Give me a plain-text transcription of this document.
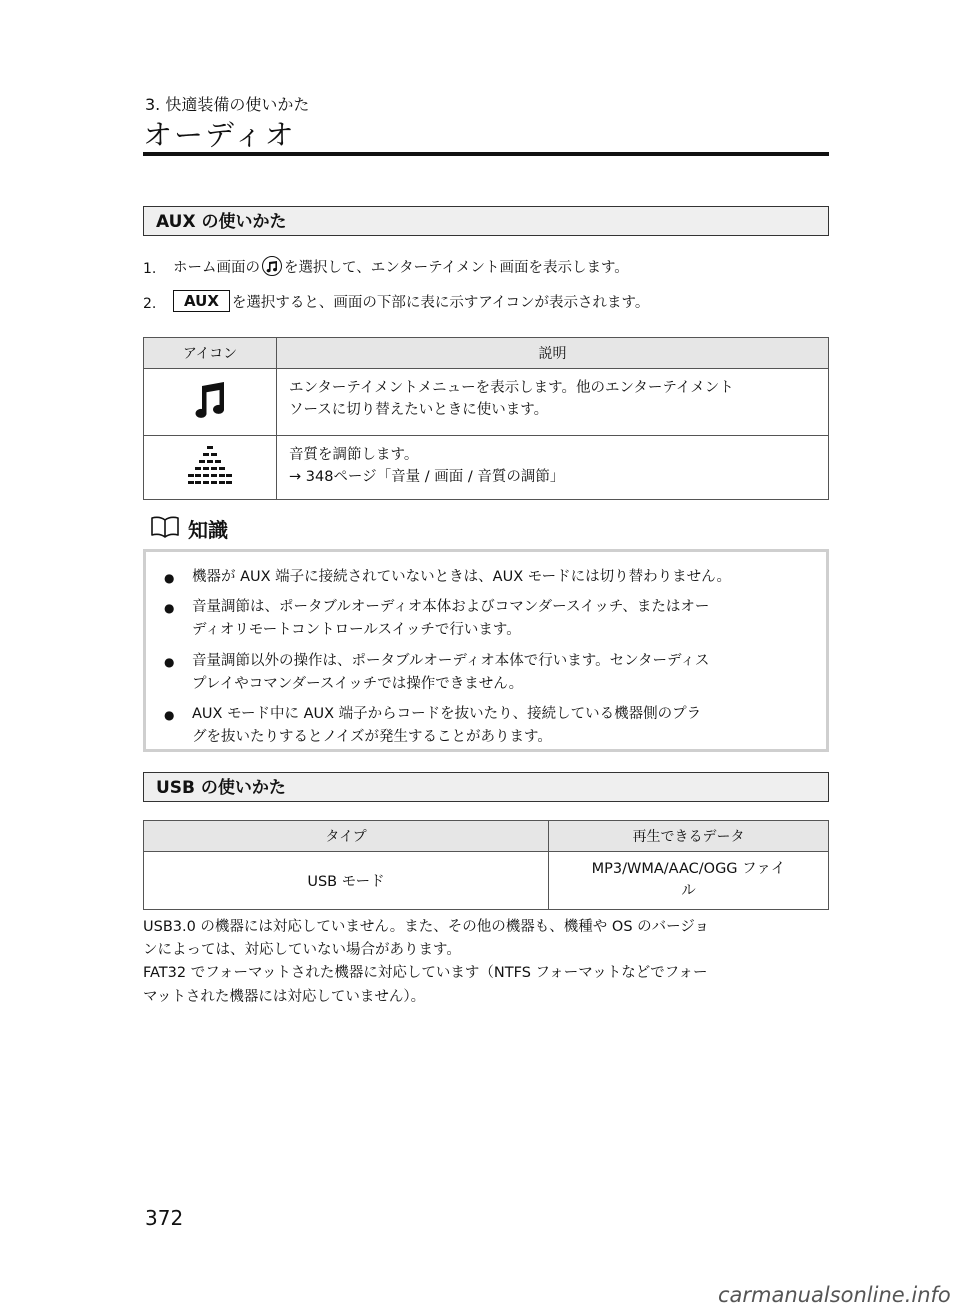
3. 快適装備の使いかた
オーディオ
AUX の使いかた
1.	ホーム画面の を選択して、エンターテイメント画面を表示します。
2.	AUX を選択すると、画面の下部に表に示すアイコンが表示されます。
アイコン	説明

エンターテイメントメニューを表示します。他のエンターテイメント
ソースに切り替えたいときに使います。

音質を調節します。
→ 348ページ「音量 / 画面 / 音質の調節」
知識
●	機器が AUX 端子に接続されていないときは、AUX モードには切り替わりません。
●	音量調節は、ポータブルオーディオ本体およびコマンダースイッチ、またはオー
ディオリモートコントロールスイッチで行います。
●	音量調節以外の操作は、ポータブルオーディオ本体で行います。センターディス
プレイやコマンダースイッチでは操作できません。
●	AUX モード中に AUX 端子からコードを抜いたり、接続している機器側のプラ
グを抜いたりするとノイズが発生することがあります。
USB の使いかた
タイプ	再生できるデータ
USB モード	MP3/WMA/AAC/OGG ファイ
ル
USB3.0 の機器には対応していません。また、その他の機器も、機種や OS のバージョ
ンによっては、対応していない場合があります。
FAT32 でフォーマットされた機器に対応しています（NTFS フォーマットなどでフォー
マットされた機器には対応していません）。
372
carmanualsonline.info
